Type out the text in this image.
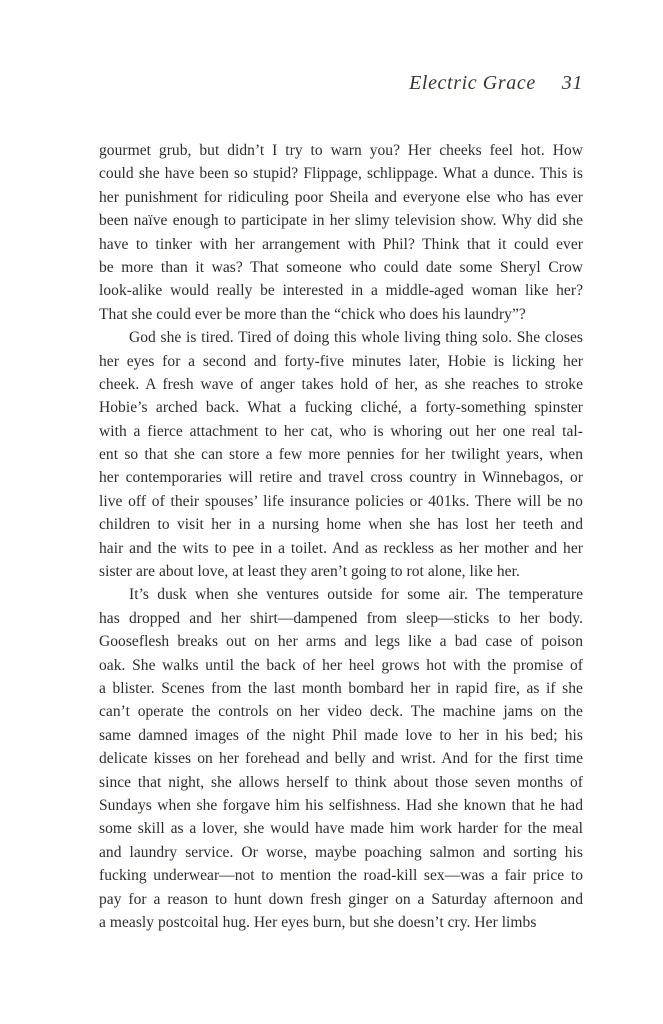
Electric Grace 31
gourmet grub, but didn’t I try to warn you? Her cheeks feel hot. How
could she have been so stupid? Flippage, schlippage. What a dunce. This is
her punishment for ridiculing poor Sheila and everyone else who has ever
been naïve enough to participate in her slimy television show. Why did she
have to tinker with her arrangement with Phil? Think that it could ever
be more than it was? That someone who could date some Sheryl Crow
look-alike would really be interested in a middle-aged woman like her?
That she could ever be more than the “chick who does his laundry”?
God she is tired. Tired of doing this whole living thing solo. She closes
her eyes for a second and forty-five minutes later, Hobie is licking her
cheek. A fresh wave of anger takes hold of her, as she reaches to stroke
Hobie’s arched back. What a fucking cliché, a forty-something spinster
with a fierce attachment to her cat, who is whoring out her one real tal-
ent so that she can store a few more pennies for her twilight years, when
her contemporaries will retire and travel cross country in Winnebagos, or
live off of their spouses’ life insurance policies or 401ks. There will be no
children to visit her in a nursing home when she has lost her teeth and
hair and the wits to pee in a toilet. And as reckless as her mother and her
sister are about love, at least they aren’t going to rot alone, like her.
It’s dusk when she ventures outside for some air. The temperature
has dropped and her shirt—dampened from sleep—sticks to her body.
Gooseflesh breaks out on her arms and legs like a bad case of poison
oak. She walks until the back of her heel grows hot with the promise of
a blister. Scenes from the last month bombard her in rapid fire, as if she
can’t operate the controls on her video deck. The machine jams on the
same damned images of the night Phil made love to her in his bed; his
delicate kisses on her forehead and belly and wrist. And for the first time
since that night, she allows herself to think about those seven months of
Sundays when she forgave him his selfishness. Had she known that he had
some skill as a lover, she would have made him work harder for the meal
and laundry service. Or worse, maybe poaching salmon and sorting his
fucking underwear—not to mention the road-kill sex—was a fair price to
pay for a reason to hunt down fresh ginger on a Saturday afternoon and
a measly postcoital hug. Her eyes burn, but she doesn’t cry. Her limbs
